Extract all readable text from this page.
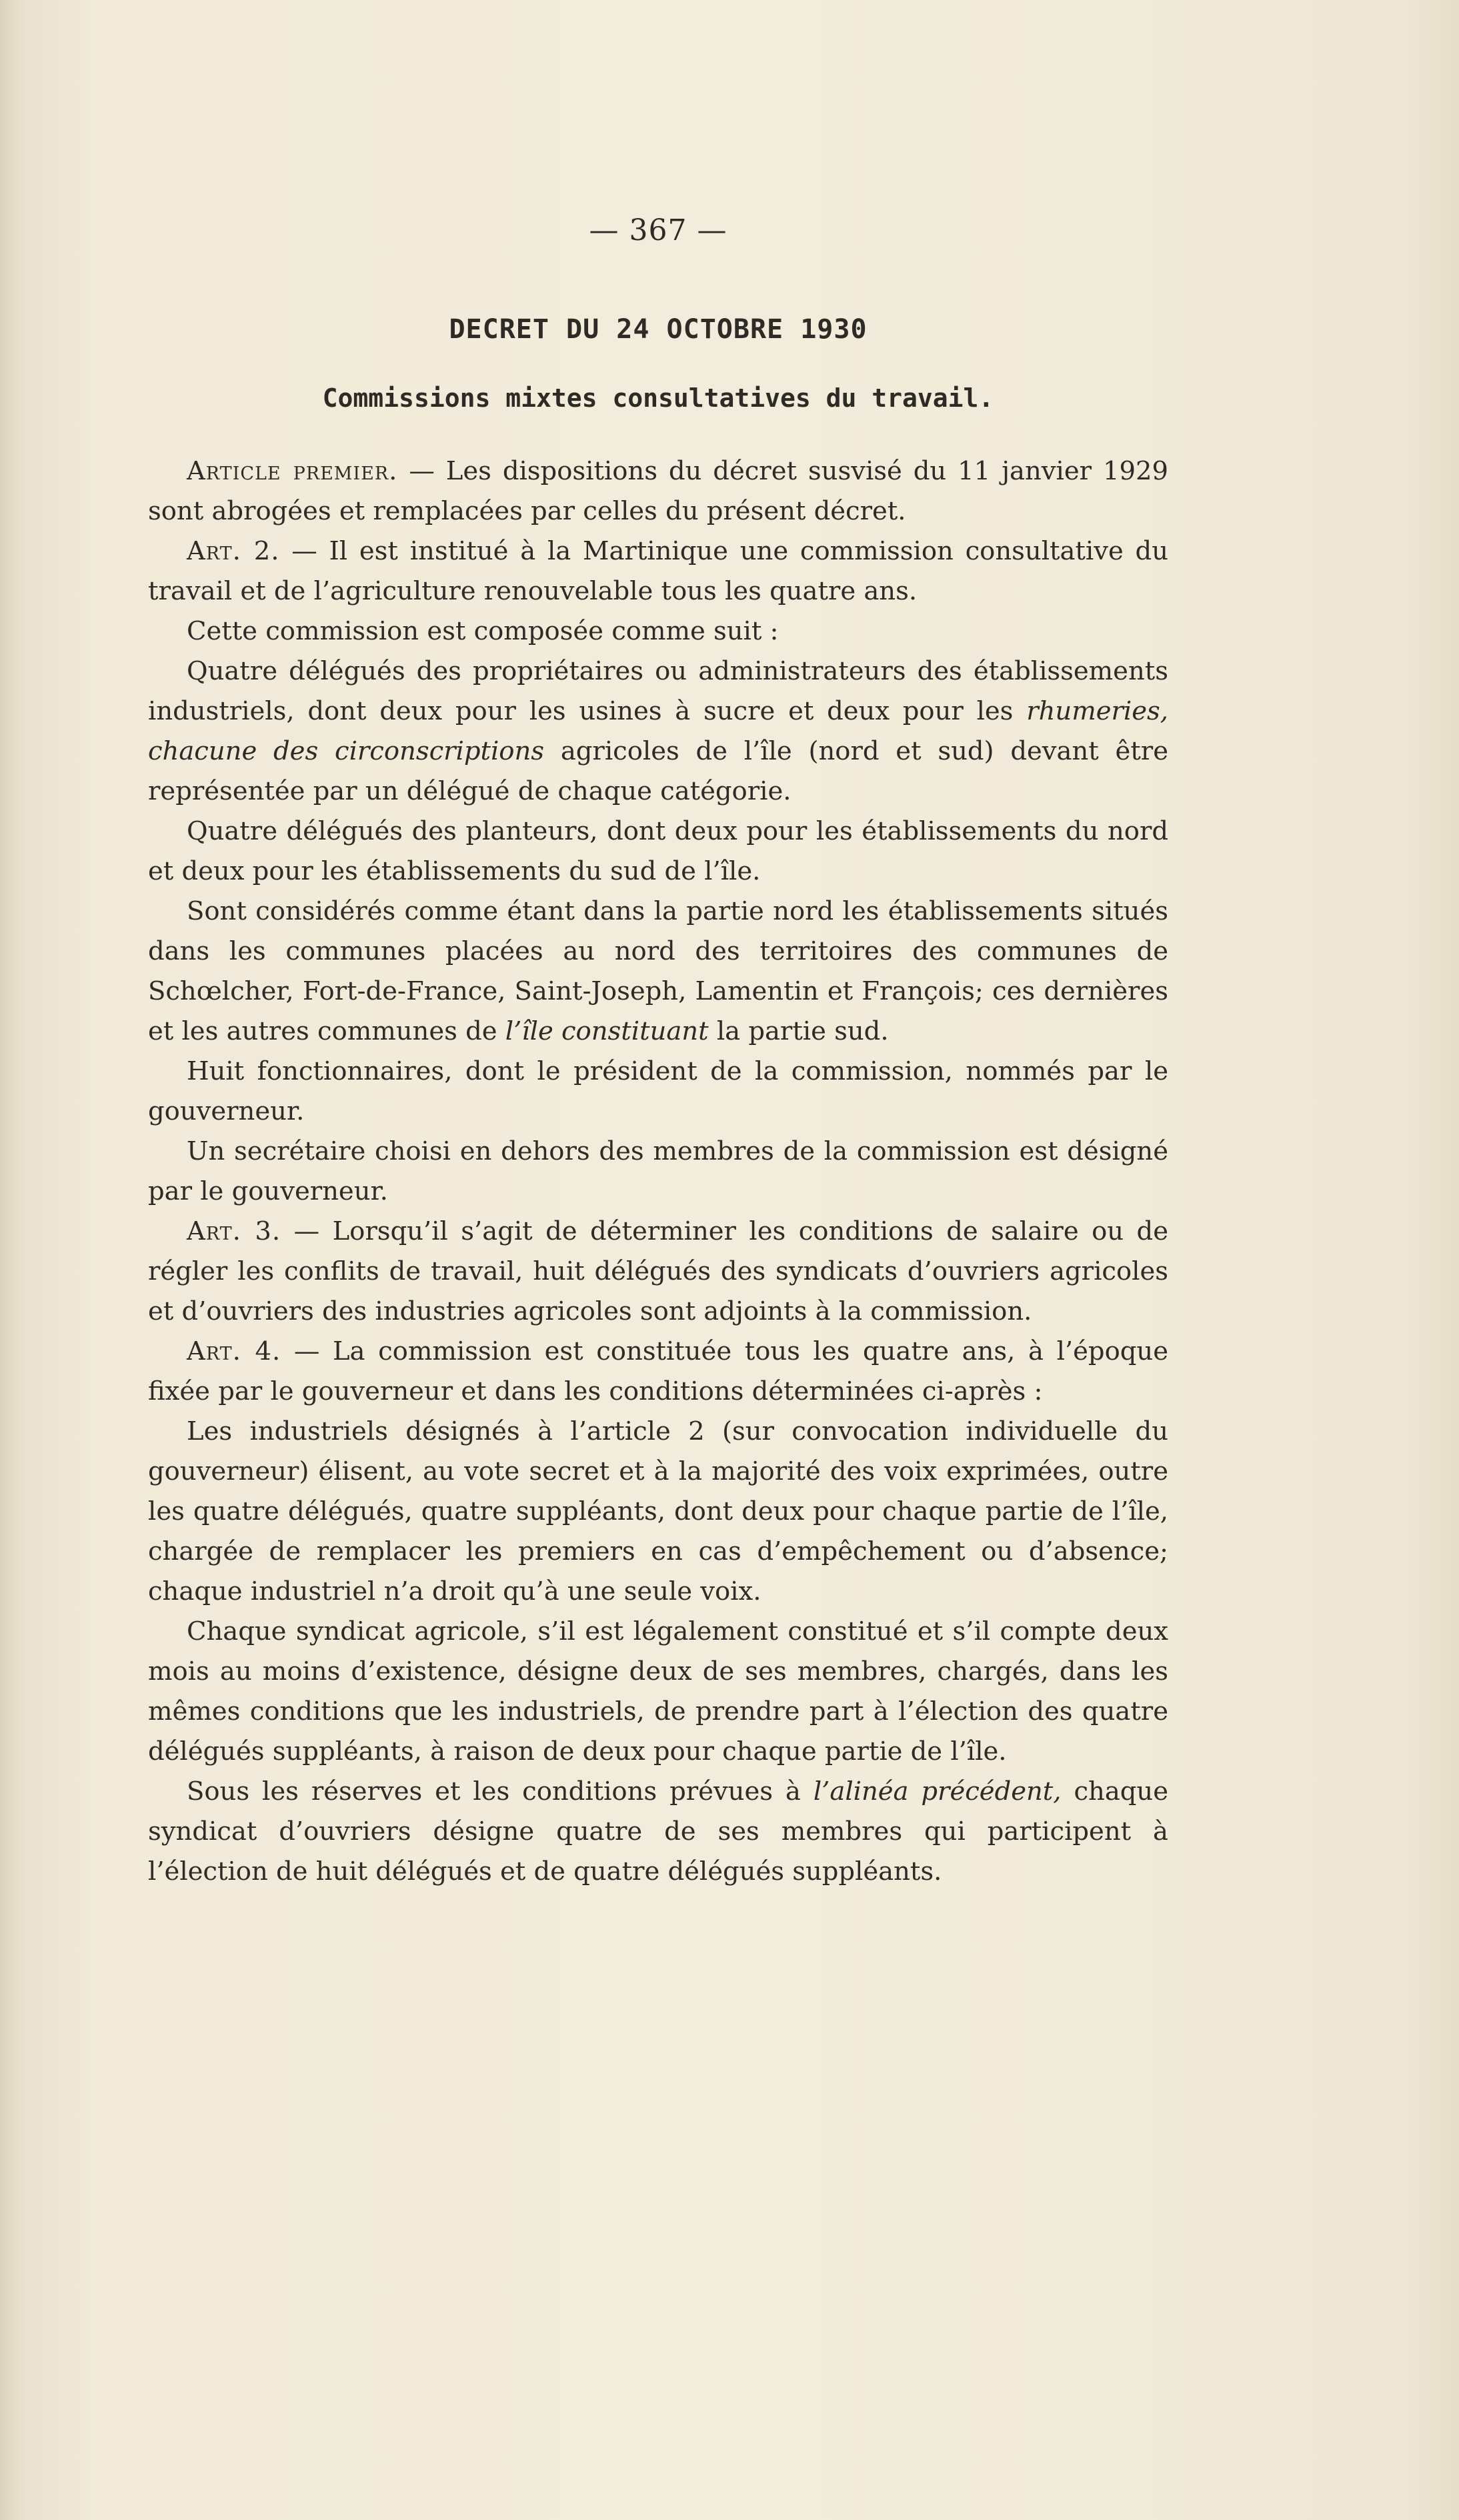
— 367 —
DECRET DU 24 OCTOBRE 1930
Commissions mixtes consultatives du travail.

Article premier. — Les dispositions du décret susvisé du 11 janvier 1929 sont abrogées et remplacées par celles du présent décret.

Art. 2. — Il est institué à la Martinique une commission consultative du travail et de l’agriculture renouvelable tous les quatre ans.

Cette commission est composée comme suit :

Quatre délégués des propriétaires ou administrateurs des établissements industriels, dont deux pour les usines à sucre et deux pour les rhumeries, chacune des circonscriptions agricoles de l’île (nord et sud) devant être représentée par un délégué de chaque catégorie.

Quatre délégués des planteurs, dont deux pour les établissements du nord et deux pour les établissements du sud de l’île.

Sont considérés comme étant dans la partie nord les établissements situés dans les communes placées au nord des territoires des communes de Schœlcher, Fort-de-France, Saint-Joseph, Lamentin et François; ces dernières et les autres communes de l’île constituant la partie sud.

Huit fonctionnaires, dont le président de la commission, nommés par le gouverneur.

Un secrétaire choisi en dehors des membres de la commission est désigné par le gouverneur.

Art. 3. — Lorsqu’il s’agit de déterminer les conditions de salaire ou de régler les conflits de travail, huit délégués des syndicats d’ouvriers agricoles et d’ouvriers des industries agricoles sont adjoints à la commission.

Art. 4. — La commission est constituée tous les quatre ans, à l’époque fixée par le gouverneur et dans les conditions déterminées ci-après :

Les industriels désignés à l’article 2 (sur convocation individuelle du gouverneur) élisent, au vote secret et à la majorité des voix exprimées, outre les quatre délégués, quatre suppléants, dont deux pour chaque partie de l’île, chargée de remplacer les premiers en cas d’empêchement ou d’absence; chaque industriel n’a droit qu’à une seule voix.

Chaque syndicat agricole, s’il est légalement constitué et s’il compte deux mois au moins d’existence, désigne deux de ses membres, chargés, dans les mêmes conditions que les industriels, de prendre part à l’élection des quatre délégués suppléants, à raison de deux pour chaque partie de l’île.

Sous les réserves et les conditions prévues à l’alinéa précédent, chaque syndicat d’ouvriers désigne quatre de ses membres qui participent à l’élection de huit délégués et de quatre délégués suppléants.
